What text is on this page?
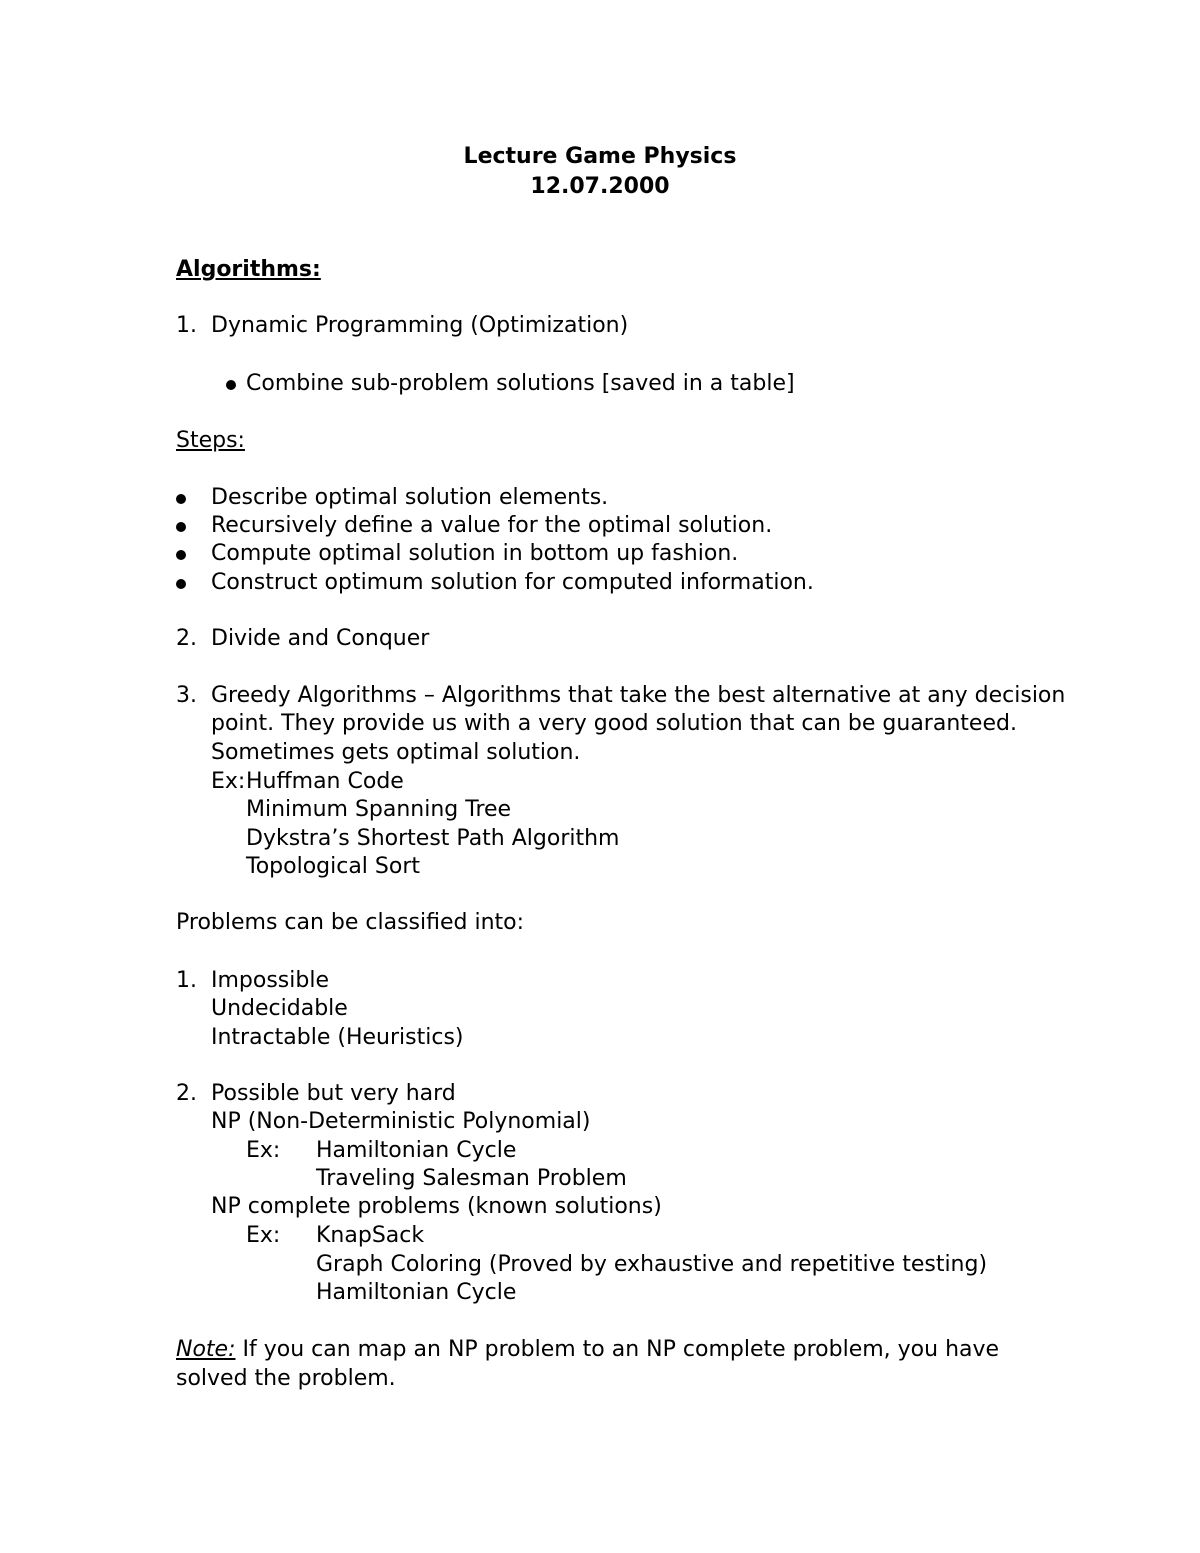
Lecture Game Physics
12.07.2000
Algorithms:
1. Dynamic Programming (Optimization)
Combine sub-problem solutions [saved in a table]
Steps:
Describe optimal solution elements.
Recursively define a value for the optimal solution.
Compute optimal solution in bottom up fashion.
Construct optimum solution for computed information.
2. Divide and Conquer
3. Greedy Algorithms – Algorithms that take the best alternative at any decision
point. They provide us with a very good solution that can be guaranteed.
Sometimes gets optimal solution.
Ex: Huffman Code
Minimum Spanning Tree
Dykstra’s Shortest Path Algorithm
Topological Sort
Problems can be classified into:
1. Impossible
Undecidable
Intractable (Heuristics)
2. Possible but very hard
NP (Non-Deterministic Polynomial)
Ex: Hamiltonian Cycle
Traveling Salesman Problem
NP complete problems (known solutions)
Ex: KnapSack
Graph Coloring (Proved by exhaustive and repetitive testing)
Hamiltonian Cycle
Note: If you can map an NP problem to an NP complete problem, you have
solved the problem.
